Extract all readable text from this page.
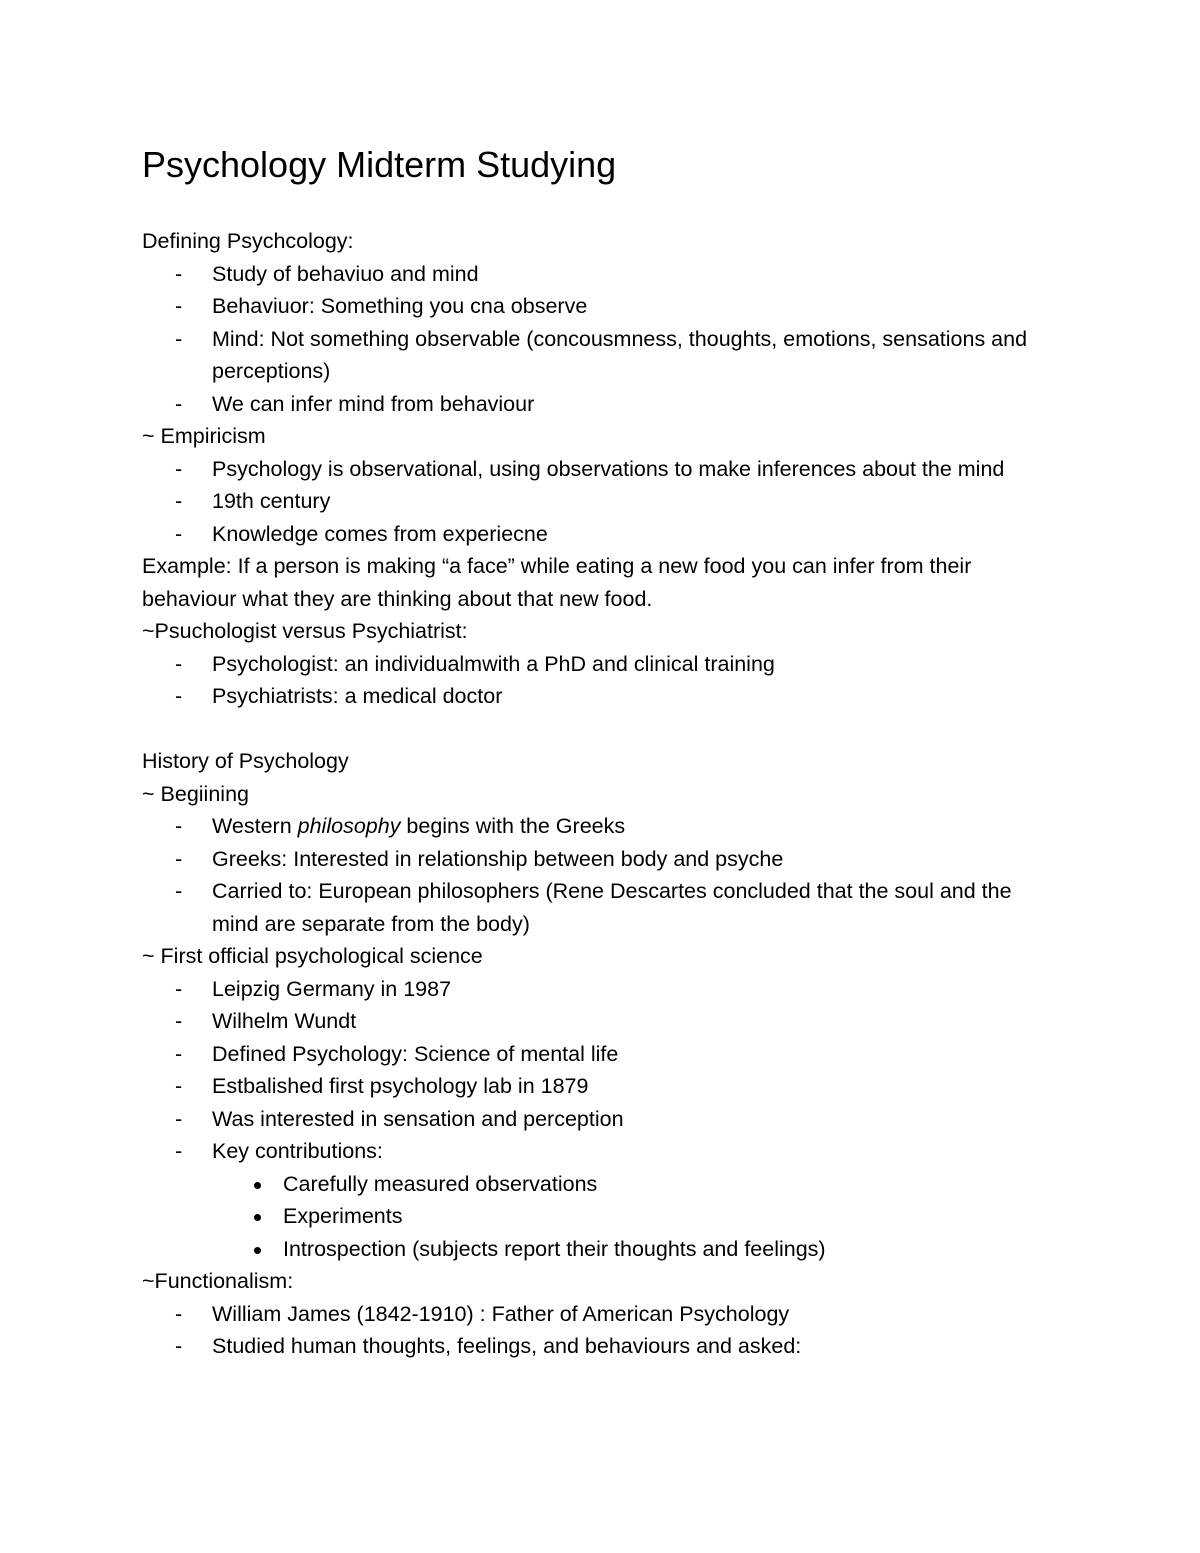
Psychology Midterm Studying

Defining Psychcology:

- Study of behaviuo and mind
- Behaviuor: Something you cna observe
- Mind: Not something observable (concousmness, thoughts, emotions, sensations and perceptions)
- We can infer mind from behaviour

~ Empiricism

- Psychology is observational, using observations to make inferences about the mind
- 19th century
- Knowledge comes from experiecne

Example: If a person is making “a face” while eating a new food you can infer from their

behaviour what they are thinking about that new food.

~Psuchologist versus Psychiatrist:

- Psychologist: an individualmwith a PhD and clinical training
- Psychiatrists: a medical doctor

History of Psychology

~ Begiining

- Western philosophy begins with the Greeks
- Greeks: Interested in relationship between body and psyche
- Carried to: European philosophers (Rene Descartes concluded that the soul and the mind are separate from the body)

~ First official psychological science

- Leipzig Germany in 1987
- Wilhelm Wundt
- Defined Psychology: Science of mental life
- Estbalished first psychology lab in 1879
- Was interested in sensation and perception
- Key contributions:
Carefully measured observations
Experiments
Introspection (subjects report their thoughts and feelings)

~Functionalism:

- William James (1842-1910) : Father of American Psychology
- Studied human thoughts, feelings, and behaviours and asked:
